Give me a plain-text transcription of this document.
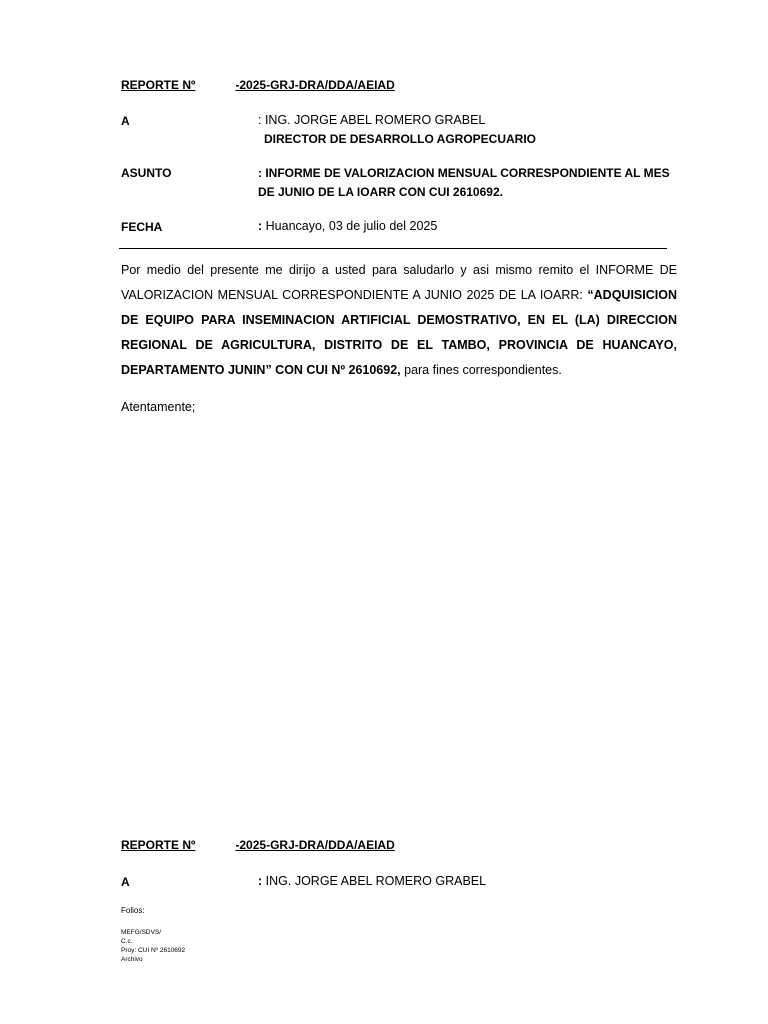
REPORTE Nº	-2025-GRJ-DRA/DDA/AEIAD
A	: ING. JORGE ABEL ROMERO GRABEL
DIRECTOR DE DESARROLLO AGROPECUARIO
ASUNTO	: INFORME DE VALORIZACION MENSUAL CORRESPONDIENTE AL MES
DE JUNIO DE LA IOARR CON CUI 2610692.
FECHA	: Huancayo, 03 de julio del 2025
Por medio del presente me dirijo a usted para saludarlo y asi mismo remito el INFORME DE VALORIZACION MENSUAL CORRESPONDIENTE A JUNIO 2025 DE LA IOARR: “ADQUISICION DE EQUIPO PARA INSEMINACION ARTIFICIAL DEMOSTRATIVO, EN EL (LA) DIRECCION REGIONAL DE AGRICULTURA, DISTRITO DE EL TAMBO, PROVINCIA DE HUANCAYO, DEPARTAMENTO JUNIN” CON CUI Nº 2610692, para fines correspondientes.
Atentamente;
REPORTE Nº	-2025-GRJ-DRA/DDA/AEIAD
A	: ING. JORGE ABEL ROMERO GRABEL
Folios:
MEFG/SDVS/
C.c.
Proy: CUI Nº 2610692
Archivo
